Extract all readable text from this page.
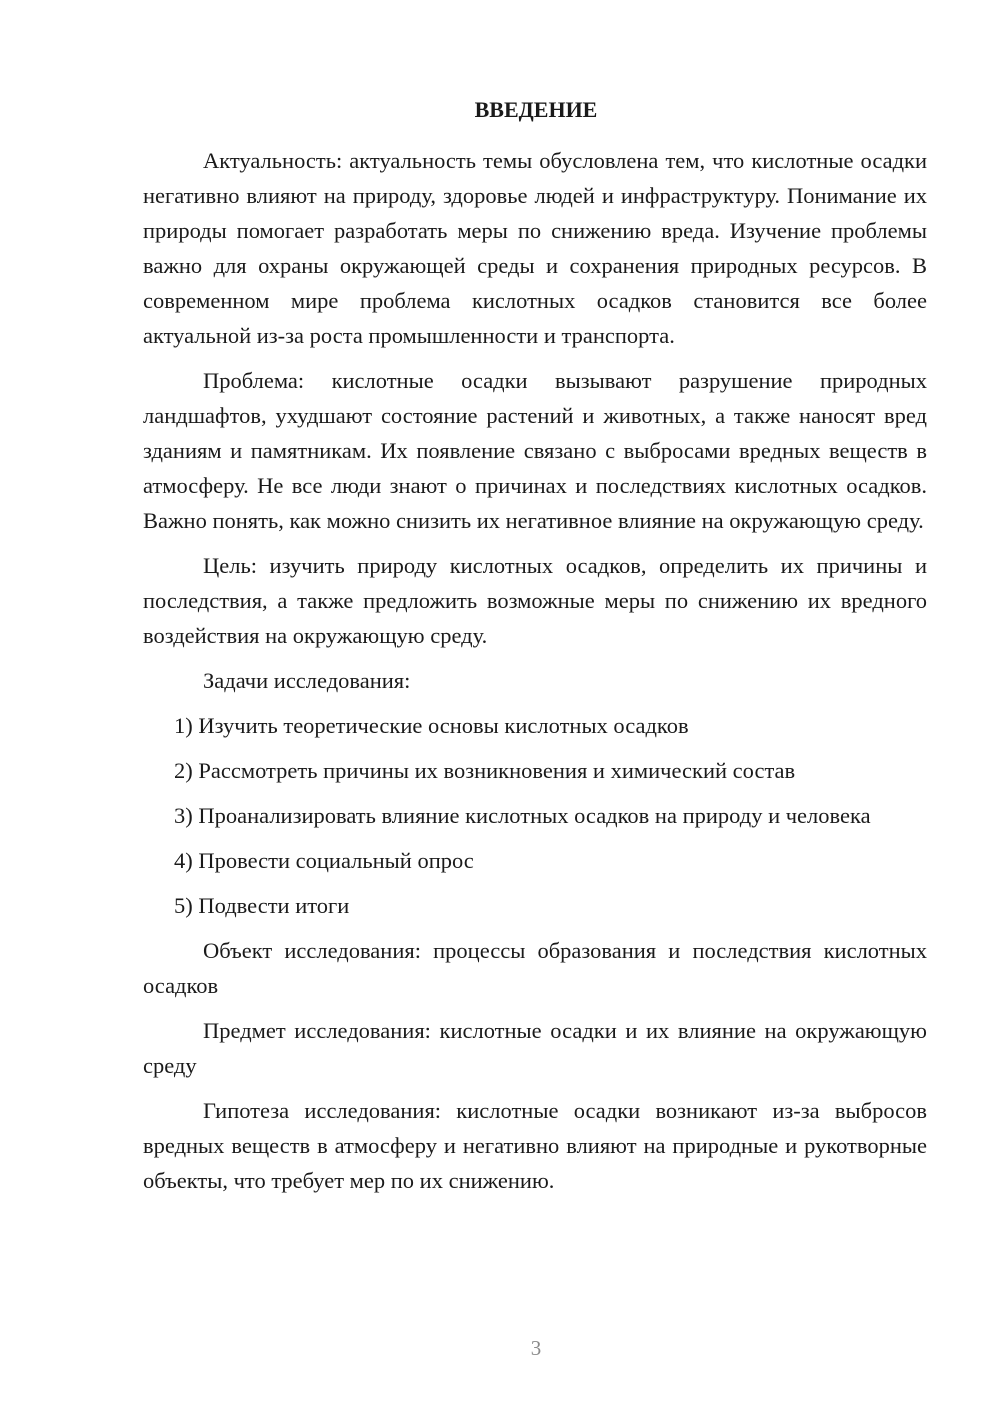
ВВЕДЕНИЕ

Актуальность: актуальность темы обусловлена тем, что кислотные осадки негативно влияют на природу, здоровье людей и инфраструктуру. Понимание их природы помогает разработать меры по снижению вреда. Изучение проблемы важно для охраны окружающей среды и сохранения природных ресурсов. В современном мире проблема кислотных осадков становится все более актуальной из-за роста промышленности и транспорта.

Проблема: кислотные осадки вызывают разрушение природных ландшафтов, ухудшают состояние растений и животных, а также наносят вред зданиям и памятникам. Их появление связано с выбросами вредных веществ в атмосферу. Не все люди знают о причинах и последствиях кислотных осадков. Важно понять, как можно снизить их негативное влияние на окружающую среду.

Цель: изучить природу кислотных осадков, определить их причины и последствия, а также предложить возможные меры по снижению их вредного воздействия на окружающую среду.

Задачи исследования:

1) Изучить теоретические основы кислотных осадков

2) Рассмотреть причины их возникновения и химический состав

3) Проанализировать влияние кислотных осадков на природу и человека

4) Провести социальный опрос

5) Подвести итоги

Объект исследования: процессы образования и последствия кислотных осадков

Предмет исследования: кислотные осадки и их влияние на окружающую среду

Гипотеза исследования: кислотные осадки возникают из-за выбросов вредных веществ в атмосферу и негативно влияют на природные и рукотворные объекты, что требует мер по их снижению.

3
